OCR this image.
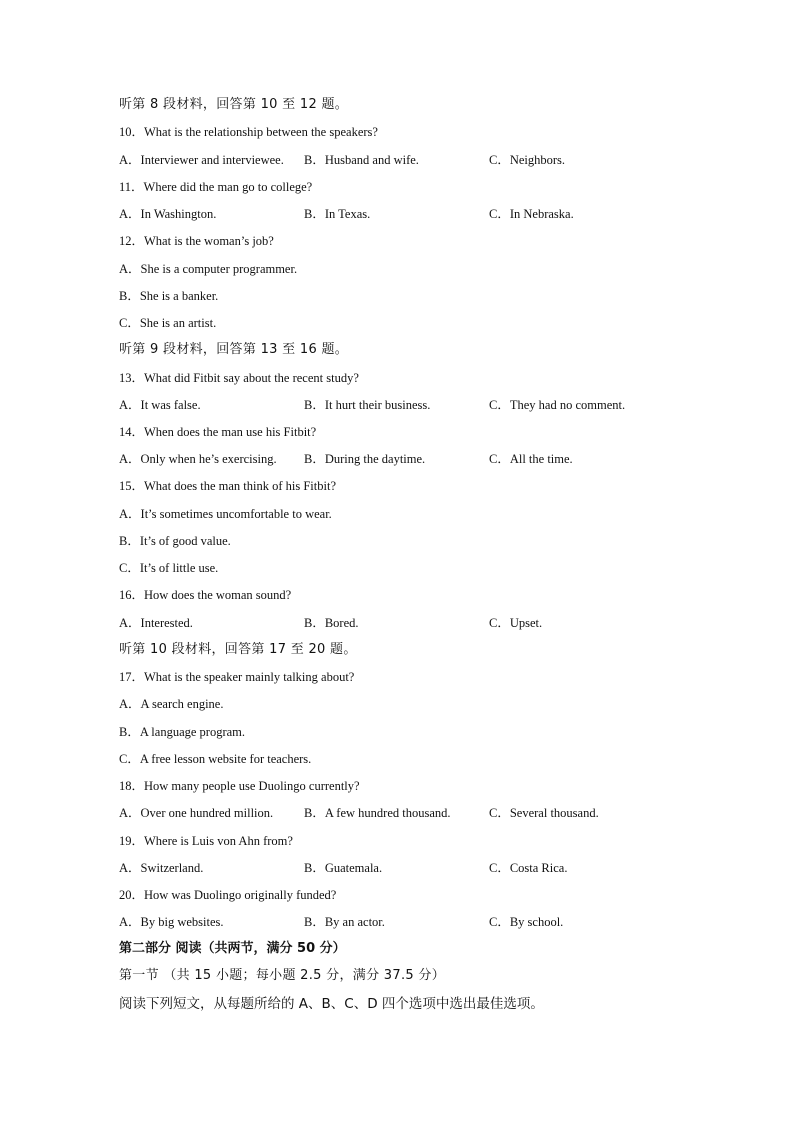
听第 8 段材料，回答第 10 至 12 题。
10．What is the relationship between the speakers?
A．Interviewer and interviewee. B．Husband and wife.	C．Neighbors.
11．Where did the man go to college?
A．In Washington.	B．In Texas.	C．In Nebraska.
12．What is the woman’s job?
A．She is a computer programmer.
B．She is a banker.
C．She is an artist.
听第 9 段材料，回答第 13 至 16 题。
13．What did Fitbit say about the recent study?
A．It was false.	B．It hurt their business.	C．They had no comment.
14．When does the man use his Fitbit?
A．Only when he’s exercising. B．During the daytime.	C．All the time.
15．What does the man think of his Fitbit?
A．It’s sometimes uncomfortable to wear.
B．It’s of good value.
C．It’s of little use.
16．How does the woman sound?
A．Interested.	B．Bored.	C．Upset.
听第 10 段材料，回答第 17 至 20 题。
17．What is the speaker mainly talking about?
A．A search engine.
B．A language program.
C．A free lesson website for teachers.
18．How many people use Duolingo currently?
A．Over one hundred million. B．A few hundred thousand.	C．Several thousand.
19．Where is Luis von Ahn from?
A．Switzerland.	B．Guatemala.	C．Costa Rica.
20．How was Duolingo originally funded?
A．By big websites.	B．By an actor.	C．By school.
第二部分 阅读（共两节，满分 50 分）
第一节 （共 15 小题；每小题 2.5 分，满分 37.5 分）
阅读下列短文，从每题所给的 A、B、C、D 四个选项中选出最佳选项。
